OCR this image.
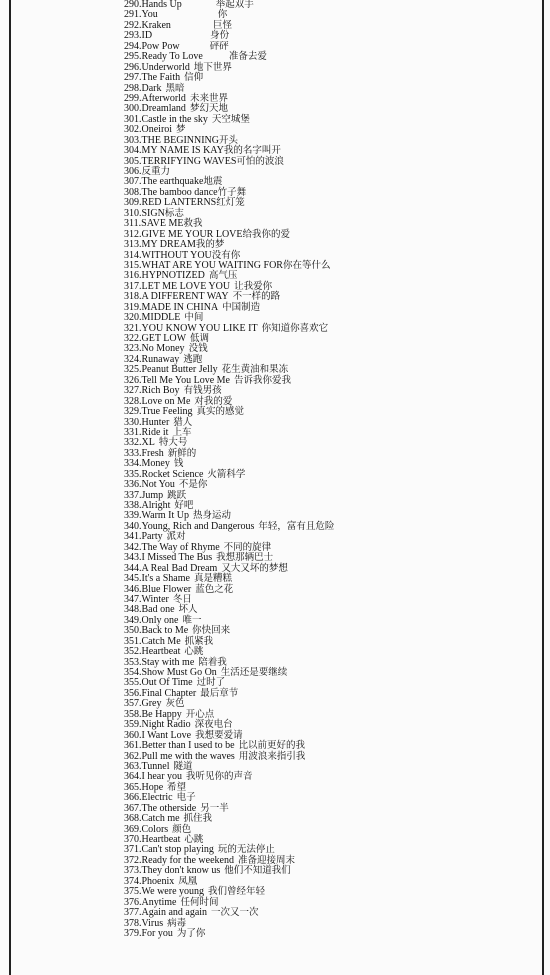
290.Hands Up	举起双手
291.You	你
292.Kraken	巨怪
293.ID	身份
294.Pow Pow	砰砰
295.Ready To Love	准备去爱
296.Underworld 地下世界
297.The Faith 信仰
298.Dark 黑暗
299.Afterworld 未来世界
300.Dreamland 梦幻天地
301.Castle in the sky 天空城堡
302.Oneiroi 梦
303.THE BEGINNING开头
304.MY NAME IS KAY我的名字叫开
305.TERRIFYING WAVES可怕的波浪
306.反重力
307.The earthquake地震
308.The bamboo dance竹子舞
309.RED LANTERNS红灯笼
310.SIGN标志
311.SAVE ME救我
312.GIVE ME YOUR LOVE给我你的爱
313.MY DREAM我的梦
314.WITHOUT YOU没有你
315.WHAT ARE YOU WAITING FOR你在等什么
316.HYPNOTIZED 高气压
317.LET ME LOVE YOU 让我爱你
318.A DIFFERENT WAY 不一样的路
319.MADE IN CHINA 中国制造
320.MIDDLE 中间
321.YOU KNOW YOU LIKE IT 你知道你喜欢它
322.GET LOW 低调
323.No Money 没钱
324.Runaway 逃跑
325.Peanut Butter Jelly 花生黄油和果冻
326.Tell Me You Love Me 告诉我你爱我
327.Rich Boy 有钱男孩
328.Love on Me 对我的爱
329.True Feeling 真实的感觉
330.Hunter 猎人
331.Ride it 上车
332.XL 特大号
333.Fresh 新鲜的
334.Money 钱
335.Rocket Science 火箭科学
336.Not You 不是你
337.Jump 跳跃
338.Alright 好吧
339.Warm It Up 热身运动
340.Young, Rich and Dangerous 年轻，富有且危险
341.Party 派对
342.The Way of Rhyme 不同的旋律
343.I Missed The Bus 我想那辆巴士
344.A Real Bad Dream 又大又坏的梦想
345.It's a Shame 真是糟糕
346.Blue Flower 蓝色之花
347.Winter 冬日
348.Bad one 坏人
349.Only one 唯一
350.Back to Me 你快回来
351.Catch Me 抓紧我
352.Heartbeat 心跳
353.Stay with me 陪着我
354.Show Must Go On 生活还是要继续
355.Out Of Time 过时了
356.Final Chapter 最后章节
357.Grey 灰色
358.Be Happy 开心点
359.Night Radio 深夜电台
360.I Want Love 我想要爱请
361.Better than I used to be 比以前更好的我
362.Pull me with the waves 用波浪来指引我
363.Tunnel 隧道
364.I hear you 我听见你的声音
365.Hope 希望
366.Electric 电子
367.The otherside 另一半
368.Catch me 抓住我
369.Colors 颜色
370.Heartbeat 心跳
371.Can't stop playing 玩的无法停止
372.Ready for the weekend 准备迎接周末
373.They don't know us 他们不知道我们
374.Phoenix 凤凰
375.We were young 我们曾经年轻
376.Anytime 任何时间
377.Again and again 一次又一次
378.Virus 病毒
379.For you 为了你
